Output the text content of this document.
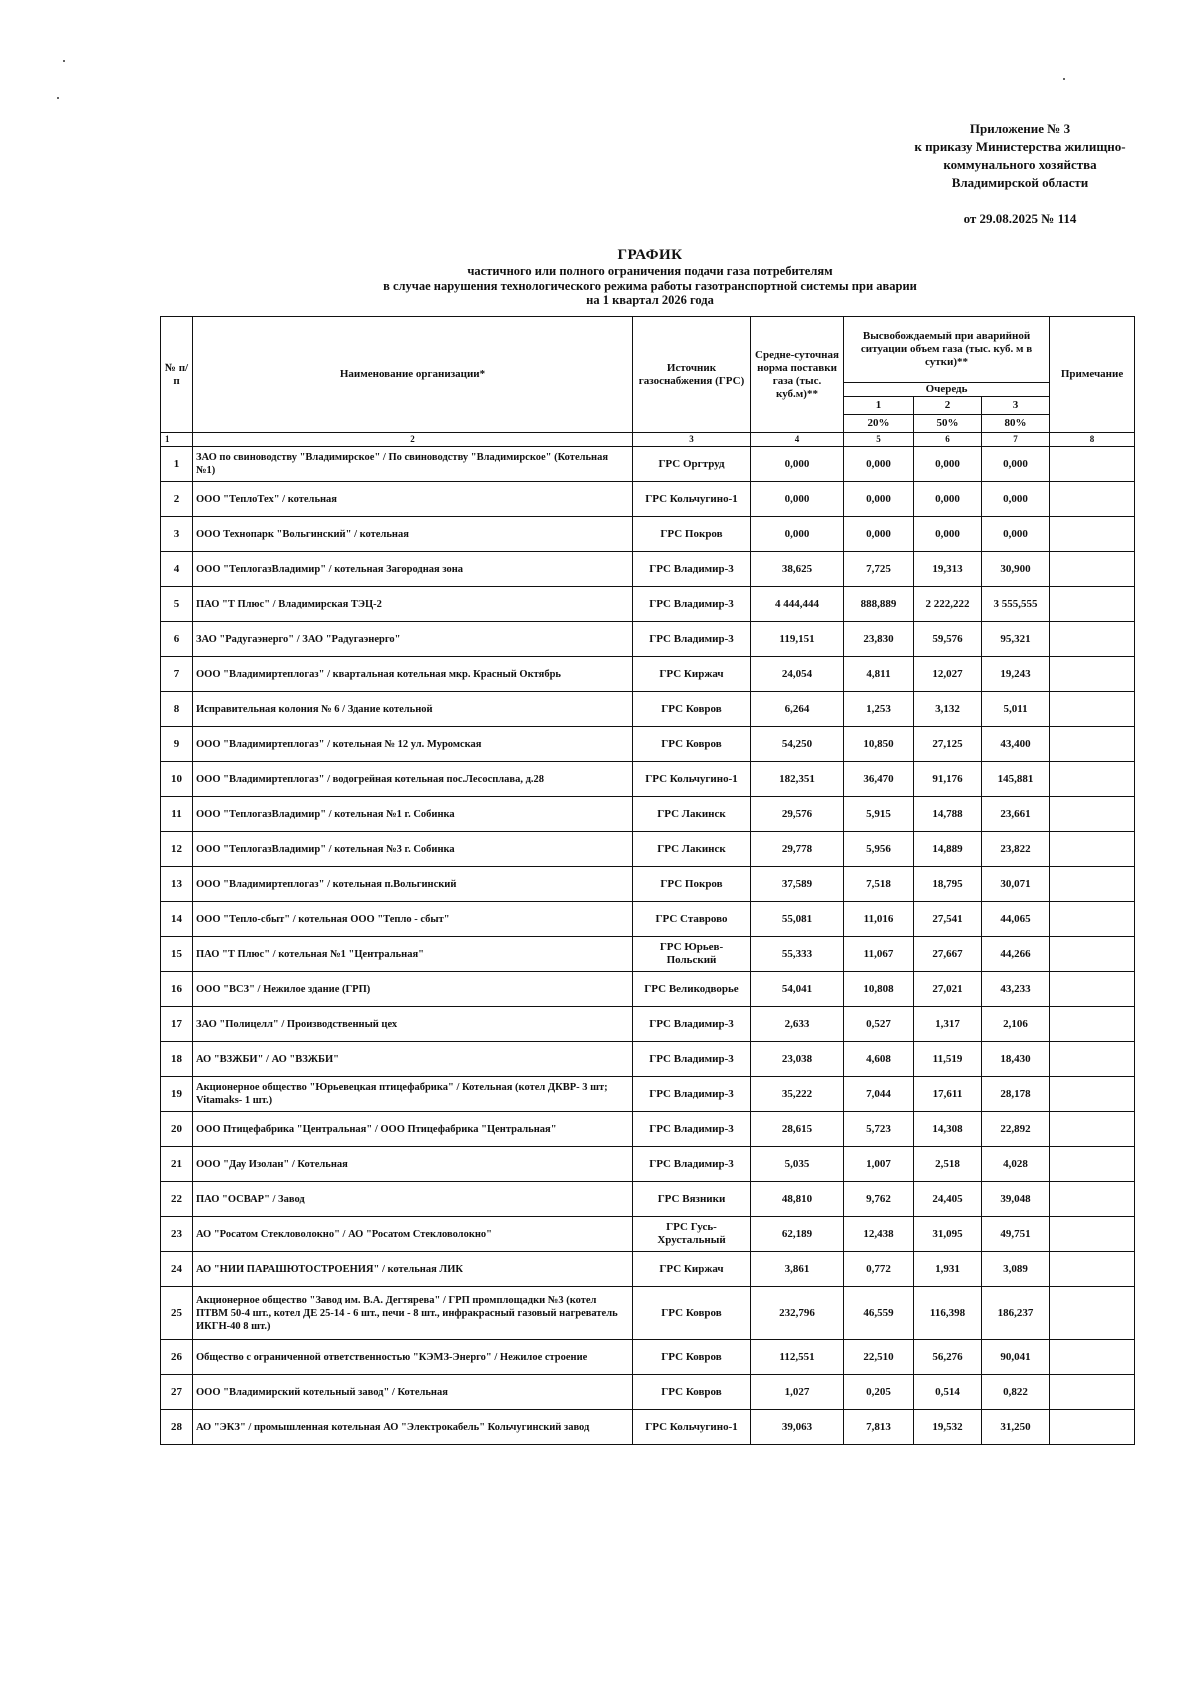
Приложение № 3
к приказу Министерства жилищно-
коммунального хозяйства
Владимирской области
от 29.08.2025 № 114
ГРАФИК
частичного или полного ограничения подачи газа потребителям
в случае нарушения технологического режима работы газотранспортной системы при аварии
на 1 квартал 2026 года
№ п/п	Наименование организации*	Источник газоснабжения (ГРС)	Средне-суточная норма поставки газа (тыс. куб.м)**	Высвобождаемый при аварийной ситуации объем газа (тыс. куб. м в сутки)**			Примечание
				Очередь			
				1	2	3	
				20%	50%	80%	
1	2	3	4	5	6	7	8
1	ЗАО по свиноводству "Владимирское" / По свиноводству "Владимирское" (Котельная №1)	ГРС Оргтруд	0,000	0,000	0,000	0,000	
2	ООО "ТеплоТех" / котельная	ГРС Кольчугино-1	0,000	0,000	0,000	0,000	
3	ООО Технопарк "Вольгинский" / котельная	ГРС Покров	0,000	0,000	0,000	0,000	
4	ООО "ТеплогазВладимир" / котельная Загородная зона	ГРС Владимир-3	38,625	7,725	19,313	30,900	
5	ПАО "Т Плюс" / Владимирская ТЭЦ-2	ГРС Владимир-3	4 444,444	888,889	2 222,222	3 555,555	
6	ЗАО "Радугаэнерго" / ЗАО "Радугаэнерго"	ГРС Владимир-3	119,151	23,830	59,576	95,321	
7	ООО "Владимиртеплогаз" / квартальная котельная мкр. Красный Октябрь	ГРС Киржач	24,054	4,811	12,027	19,243	
8	Исправительная колония № 6 / Здание котельной	ГРС Ковров	6,264	1,253	3,132	5,011	
9	ООО "Владимиртеплогаз" / котельная № 12 ул. Муромская	ГРС Ковров	54,250	10,850	27,125	43,400	
10	ООО "Владимиртеплогаз" / водогрейная котельная пос.Лесосплава, д.28	ГРС Кольчугино-1	182,351	36,470	91,176	145,881	
11	ООО "ТеплогазВладимир" / котельная №1 г. Собинка	ГРС Лакинск	29,576	5,915	14,788	23,661	
12	ООО "ТеплогазВладимир" / котельная №3 г. Собинка	ГРС Лакинск	29,778	5,956	14,889	23,822	
13	ООО "Владимиртеплогаз" / котельная п.Вольгинский	ГРС Покров	37,589	7,518	18,795	30,071	
14	ООО "Тепло-сбыт" / котельная ООО "Тепло - сбыт"	ГРС Ставрово	55,081	11,016	27,541	44,065	
15	ПАО "Т Плюс" / котельная №1 "Центральная"	ГРС Юрьев-Польский	55,333	11,067	27,667	44,266	
16	ООО "ВСЗ" / Нежилое здание (ГРП)	ГРС Великодворье	54,041	10,808	27,021	43,233	
17	ЗАО "Полицелл" / Производственный цех	ГРС Владимир-3	2,633	0,527	1,317	2,106	
18	АО "ВЗЖБИ" / АО "ВЗЖБИ"	ГРС Владимир-3	23,038	4,608	11,519	18,430	
19	Акционерное общество "Юрьевецкая птицефабрика" / Котельная (котел ДКВР- 3 шт; Vitamaks- 1 шт.)	ГРС Владимир-3	35,222	7,044	17,611	28,178	
20	ООО Птицефабрика "Центральная" / ООО Птицефабрика "Центральная"	ГРС Владимир-3	28,615	5,723	14,308	22,892	
21	ООО "Дау Изолан" / Котельная	ГРС Владимир-3	5,035	1,007	2,518	4,028	
22	ПАО "ОСВАР" / Завод	ГРС Вязники	48,810	9,762	24,405	39,048	
23	АО "Росатом Стекловолокно" / АО "Росатом Стекловолокно"	ГРС Гусь-Хрустальный	62,189	12,438	31,095	49,751	
24	АО "НИИ ПАРАШЮТОСТРОЕНИЯ" / котельная ЛИК	ГРС Киржач	3,861	0,772	1,931	3,089	
25	Акционерное общество "Завод им. В.А. Дегтярева" / ГРП промплощадки №3 (котел ПТВМ 50-4 шт., котел ДЕ 25-14 - 6 шт., печи - 8 шт., инфракрасный газовый нагреватель ИКГН-40 8 шт.)	ГРС Ковров	232,796	46,559	116,398	186,237	
26	Общество с ограниченной ответственностью "КЭМЗ-Энерго" / Нежилое строение	ГРС Ковров	112,551	22,510	56,276	90,041	
27	ООО "Владимирский котельный завод" / Котельная	ГРС Ковров	1,027	0,205	0,514	0,822	
28	АО "ЭКЗ" / промышленная котельная АО "Электрокабель" Кольчугинский завод	ГРС Кольчугино-1	39,063	7,813	19,532	31,250	
